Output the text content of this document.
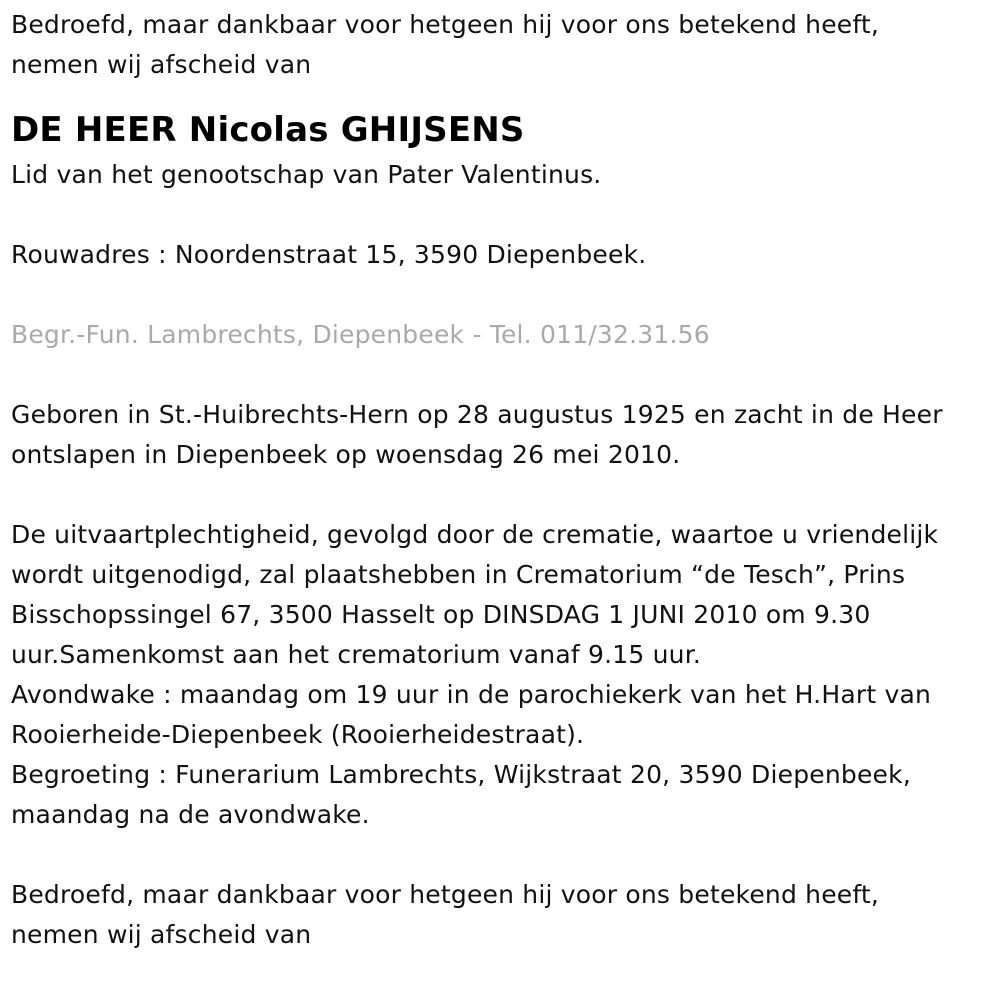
Bedroefd, maar dankbaar voor hetgeen hij voor ons betekend heeft,
nemen wij afscheid van
DE HEER Nicolas GHIJSENS
Lid van het genootschap van Pater Valentinus.
Rouwadres : Noordenstraat 15, 3590 Diepenbeek.
Begr.-Fun. Lambrechts, Diepenbeek - Tel. 011/32.31.56
Geboren in St.-Huibrechts-Hern op 28 augustus 1925 en zacht in de Heer
ontslapen in Diepenbeek op woensdag 26 mei 2010.
De uitvaartplechtigheid, gevolgd door de crematie, waartoe u vriendelijk
wordt uitgenodigd, zal plaatshebben in Crematorium “de Tesch”, Prins
Bisschopssingel 67, 3500 Hasselt op DINSDAG 1 JUNI 2010 om 9.30
uur.Samenkomst aan het crematorium vanaf 9.15 uur.
Avondwake : maandag om 19 uur in de parochiekerk van het H.Hart van
Rooierheide-Diepenbeek (Rooierheidestraat).
Begroeting : Funerarium Lambrechts, Wijkstraat 20, 3590 Diepenbeek,
maandag na de avondwake.
Bedroefd, maar dankbaar voor hetgeen hij voor ons betekend heeft,
nemen wij afscheid van
